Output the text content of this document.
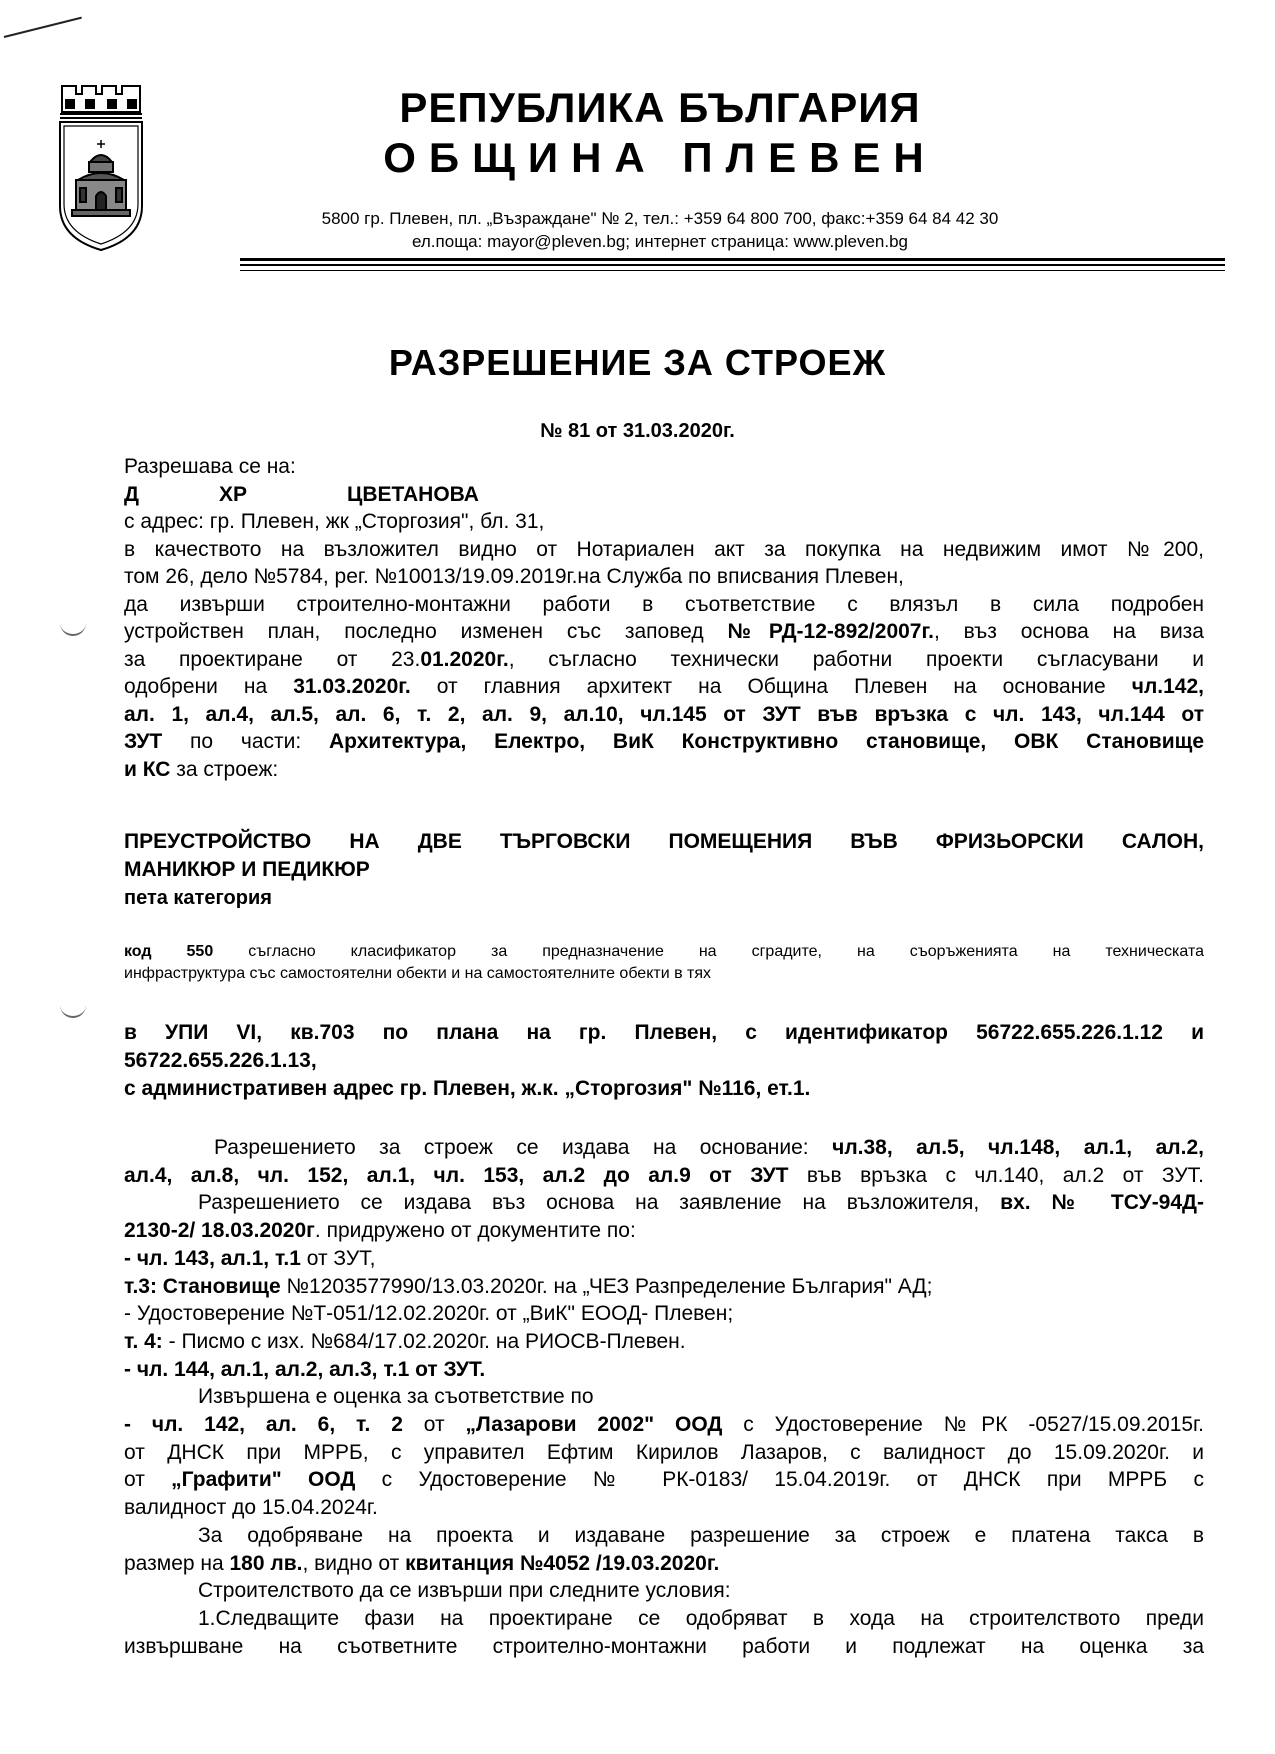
РЕПУБЛИКА БЪЛГАРИЯ
ОБЩИНА ПЛЕВЕН
5800 гр. Плевен, пл. „Възраждане" № 2, тел.: +359 64 800 700, факс:+359 64 84 42 30
ел.поща: mayor@pleven.bg; интернет страница: www.pleven.bg
РАЗРЕШЕНИЕ ЗА СТРОЕЖ
№ 81 от 31.03.2020г.
Разрешава се на:
Д	ХР	ЦВЕТАНОВА
с адрес: гр. Плевен, жк „Сторгозия", бл. 31,
в качеството на възложител видно от Нотариален акт за покупка на недвижим имот №200,
том 26, дело №5784, рег. №10013/19.09.2019г.на Служба по вписвания Плевен,
да извърши строително-монтажни работи в съответствие с влязъл в сила подробен
устройствен план, последно изменен със заповед №РД-12-892/2007г., въз основа на виза
за проектиране от 23.01.2020г., съгласно технически работни проекти съгласувани и
одобрени на 31.03.2020г. от главния архитект на Община Плевен на основание чл.142,
ал. 1, ал.4, ал.5, ал. 6, т. 2, ал. 9, ал.10, чл.145 от ЗУТ във връзка с чл. 143, чл.144 от
ЗУТ по части: Архитектура, Електро, ВиК Конструктивно становище, ОВК Становище
и КС за строеж:
ПРЕУСТРОЙСТВО НА ДВЕ ТЪРГОВСКИ ПОМЕЩЕНИЯ ВЪВ ФРИЗЬОРСКИ САЛОН,
МАНИКЮР И ПЕДИКЮР
пета категория
код 550 съгласно класификатор за предназначение на сградите, на съоръженията на техническата
инфраструктура със самостоятелни обекти и на самостоятелните обекти в тях
в УПИ VI, кв.703 по плана на гр. Плевен, с идентификатор 56722.655.226.1.12 и
56722.655.226.1.13,
с административен адрес гр. Плевен, ж.к. „Сторгозия" №116, ет.1.
Разрешението за строеж се издава на основание: чл.38, ал.5, чл.148, ал.1, ал.2,
ал.4, ал.8, чл. 152, ал.1, чл. 153, ал.2 до ал.9 от ЗУТ във връзка с чл.140, ал.2 от ЗУТ.
Разрешението се издава въз основа на заявление на възложителя, вх. № ТСУ-94Д-
2130-2/ 18.03.2020г. придружено от документите по:
- чл. 143, ал.1, т.1 от ЗУТ,
т.3: Становище №1203577990/13.03.2020г. на „ЧЕЗ Разпределение България" АД;
- Удостоверение №Т-051/12.02.2020г. от „ВиК" ЕООД- Плевен;
т. 4: - Писмо с изх. №684/17.02.2020г. на РИОСВ-Плевен.
- чл. 144, ал.1, ал.2, ал.3, т.1 от ЗУТ.
Извършена е оценка за съответствие по
- чл. 142, ал. 6, т. 2 от „Лазарови 2002" ООД с Удостоверение №РК -0527/15.09.2015г.
от ДНСК при МРРБ, с управител Ефтим Кирилов Лазаров, с валидност до 15.09.2020г. и
от „Графити" ООД с Удостоверение № РК-0183/ 15.04.2019г. от ДНСК при МРРБ с
валидност до 15.04.2024г.
За одобряване на проекта и издаване разрешение за строеж е платена такса в
размер на 180 лв., видно от квитанция №4052 /19.03.2020г.
Строителството да се извърши при следните условия:
1.Следващите фази на проектиране се одобряват в хода на строителството преди
извършване на съответните строително-монтажни работи и подлежат на оценка за
